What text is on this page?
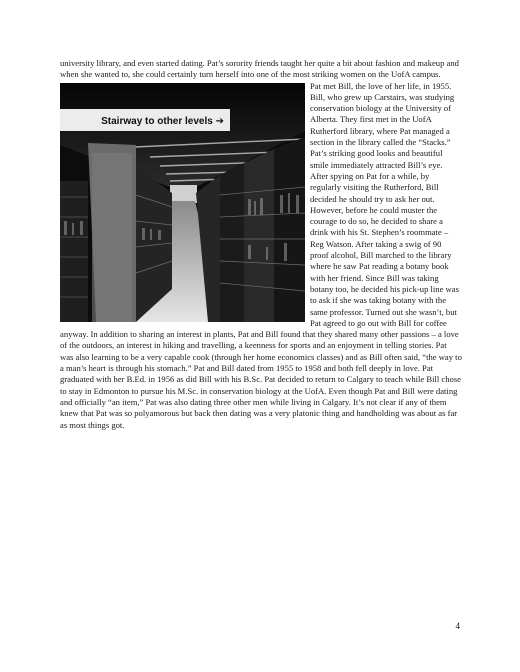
university library, and even started dating. Pat’s sorority friends taught her quite a bit about fashion and makeup and when she wanted to, she could certainly turn herself into one of the most striking women on the UofA campus.

Stairway to other levels ➔

Pat met Bill, the love of her life, in 1955. Bill, who grew up Carstairs, was studying conservation biology at the University of Alberta. They first met in the UofA Rutherford library, where Pat managed a section in the library called the “Stacks.” Pat’s striking good looks and beautiful smile immediately attracted Bill’s eye. After spying on Pat for a while, by regularly visiting the Rutherford, Bill decided he should try to ask her out. However, before he could muster the courage to do so, he decided to share a drink with his St. Stephen’s roommate – Reg Watson. After taking a swig of 90 proof alcohol, Bill marched to the library where he saw Pat reading a botany book with her friend. Since Bill was taking botany too, he decided his pick-up line was to ask if she was taking botany with the same professor. Turned out she wasn’t, but Pat agreed to go out with Bill for coffee anyway. In addition to sharing an interest in plants, Pat and Bill found that they shared many other passions – a love of the outdoors, an interest in hiking and travelling, a keenness for sports and an enjoyment in telling stories. Pat was also learning to be a very capable cook (through her home economics classes) and as Bill often said, “the way to a man’s heart is through his stomach.” Pat and Bill dated from 1955 to 1958 and both fell deeply in love. Pat graduated with her B.Ed. in 1956 as did Bill with his B.Sc. Pat decided to return to Calgary to teach while Bill chose to stay in Edmonton to pursue his M.Sc. in conservation biology at the UofA. Even though Pat and Bill were dating and officially “an item,” Pat was also dating three other men while living in Calgary. It’s not clear if any of them knew that Pat was so polyamorous but back then dating was a very platonic thing and handholding was about as far as most things got.

4
